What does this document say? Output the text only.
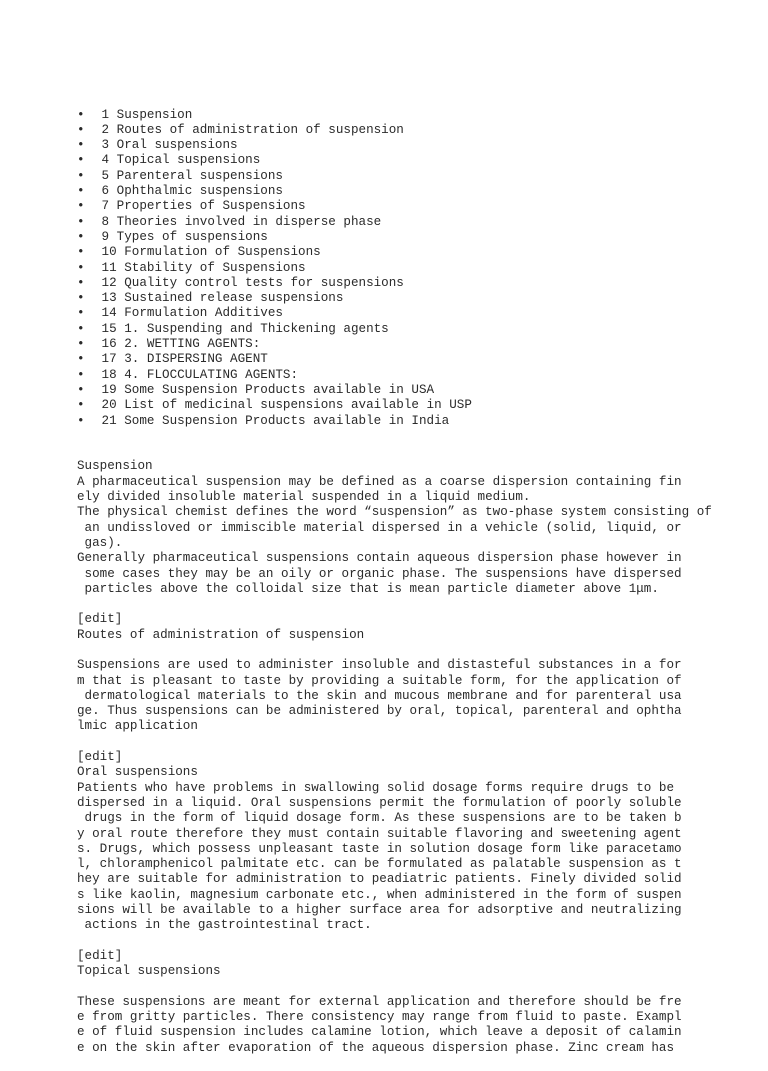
• 1 Suspension
• 2 Routes of administration of suspension
• 3 Oral suspensions
• 4 Topical suspensions
• 5 Parenteral suspensions
• 6 Ophthalmic suspensions
• 7 Properties of Suspensions
• 8 Theories involved in disperse phase
• 9 Types of suspensions
• 10 Formulation of Suspensions
• 11 Stability of Suspensions
• 12 Quality control tests for suspensions
• 13 Sustained release suspensions
• 14 Formulation Additives
• 15 1. Suspending and Thickening agents
• 16 2. WETTING AGENTS:
• 17 3. DISPERSING AGENT
• 18 4. FLOCCULATING AGENTS:
• 19 Some Suspension Products available in USA
• 20 List of medicinal suspensions available in USP
• 21 Some Suspension Products available in India

Suspension
A pharmaceutical suspension may be defined as a coarse dispersion containing fin
ely divided insoluble material suspended in a liquid medium.
The physical chemist defines the word “suspension” as two-phase system consisting of
an undissloved or immiscible material dispersed in a vehicle (solid, liquid, or
gas).
Generally pharmaceutical suspensions contain aqueous dispersion phase however in
some cases they may be an oily or organic phase. The suspensions have dispersed
particles above the colloidal size that is mean particle diameter above 1μm.
[edit]
Routes of administration of suspension
Suspensions are used to administer insoluble and distasteful substances in a for
m that is pleasant to taste by providing a suitable form, for the application of
dermatological materials to the skin and mucous membrane and for parenteral usa
ge. Thus suspensions can be administered by oral, topical, parenteral and ophtha
lmic application
[edit]
Oral suspensions
Patients who have problems in swallowing solid dosage forms require drugs to be
dispersed in a liquid. Oral suspensions permit the formulation of poorly soluble
drugs in the form of liquid dosage form. As these suspensions are to be taken b
y oral route therefore they must contain suitable flavoring and sweetening agent
s. Drugs, which possess unpleasant taste in solution dosage form like paracetamo
l, chloramphenicol palmitate etc. can be formulated as palatable suspension as t
hey are suitable for administration to peadiatric patients. Finely divided solid
s like kaolin, magnesium carbonate etc., when administered in the form of suspen
sions will be available to a higher surface area for adsorptive and neutralizing
actions in the gastrointestinal tract.
[edit]
Topical suspensions
These suspensions are meant for external application and therefore should be fre
e from gritty particles. There consistency may range from fluid to paste. Exampl
e of fluid suspension includes calamine lotion, which leave a deposit of calamin
e on the skin after evaporation of the aqueous dispersion phase. Zinc cream has
